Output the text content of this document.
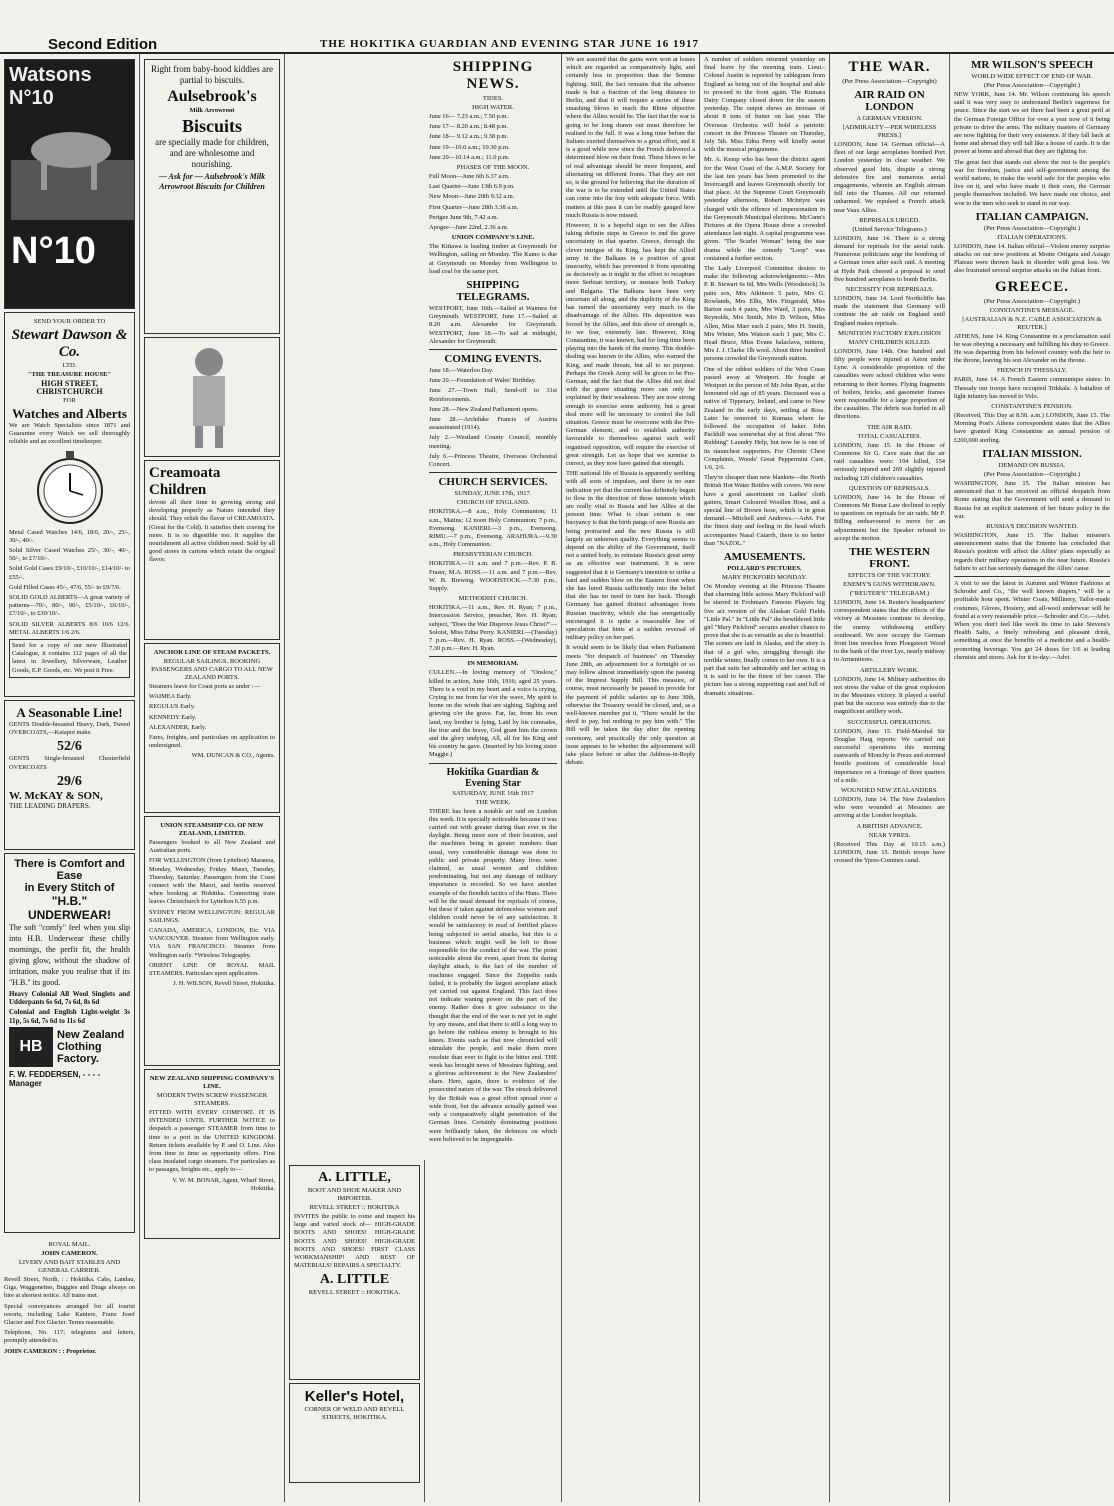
Second Edition	THE HOKITIKA GUARDIAN AND EVENING STAR JUNE 16 1917
Watsons N°10
N°10
SEND YOUR ORDER TO
Stewart Dawson & Co.
LTD.
"THE TREASURE HOUSE"
HIGH STREET, CHRISTCHURCH
FOR
Watches and Alberts

We are Watch Specialists since 1871 and Guarantee every Watch we sell thoroughly reliable and an excellent timekeeper.

Metal Cased Watches 14/6, 18/6, 20/-, 25/-, 30/-, 40/-.

Solid Silver Cased Watches 25/-, 30/-, 40/-, 50/-, to £7/10/-.

Solid Gold Cases £9/10/-, £10/10/-, £14/10/- to £55/-.

Gold Filled Cases 45/-, 47/6, 55/- to £9/7/6.

SOLID GOLD ALBERTS—A great variety of patterns—70/-, 80/-, 90/-, £5/10/-, £6/10/-, £7/10/-, to £30/10/-.

SOLID SILVER ALBERTS 8/6 10/6 12/6. METAL ALBERTS 1/6 2/6.

Send for a copy of our new Illustrated Catalogue, it contains 112 pages of all the latest in Jewellery, Silverware, Leather Goods, E.P. Goods, etc. We post it Free.

A Seasonable Line!

GENTS Double-breasted Heavy, Dark, Tweed OVERCOATS,—Kaiapoi make.

52/6

GENTS Single-breasted Chesterfield OVERCOATS

29/6
W. McKAY & SON,
THE LEADING DRAPERS.
There is Comfort and Ease
in Every Stitch of
"H.B." UNDERWEAR!

The soft "comfy" feel when you slip into H.B. Underwear these chilly mornings, the perfit fit, the health giving glow, without the shadow of irritation, make you realise that if its "H.B." its good.

Heavy Colonial All Wool Singlets and Udderpants 6s 6d, 7s 6d, 8s 6d

Colonial and English Light-weight 3s 11p, 5s 6d, 7s 6d to 11s 6d

HB
New Zealand
Clothing
Factory.
F. W. FEDDERSEN, - - - - Manager
ROYAL MAIL.
JOHN CAMERON.
LIVERY AND BAIT STABLES AND GENERAL CARRIER.

Revell Street, North, : : Hokitika. Cabs, Landau, Gigs, Waggonettes, Buggies and Drags always on hire at shortest notice. All trains met.

Special conveyances arranged for all tourist resorts, including Lake Kaniere, Franz Josef Glacier and Fox Glacier. Terms reasonable.

Telephone, No. 117; telegrams and letters, promptly attended to.

JOHN CAMERON : : Proprietor.

Right from baby-hood kiddies are partial to biscuits.

Aulsebrook's
Milk Arrowroot
Biscuits

are specially made for children, and are wholesome and nourishing.

— Ask for — Aulsebrook's Milk Arrowroot Biscuits for Children

Creamoata Children

devote all their time to growing strong and developing properly as Nature intended they should. They relish the flavor of CREAMOATA. (Great for the Cold). It satisfies their craving for more. It is so digestible too. It supplies the nourishment all active children need. Sold by all good stores in cartons which retain the original flavor.

ANCHOR LINE OF STEAM PACKETS.
REGULAR SAILINGS. BOOKING PASSENGERS AND CARGO TO ALL NEW ZEALAND PORTS.

Steamers leave for Coast ports as under :—

WAIMEA Early.

REGULUS Early.

KENNEDY Early.

ALEXANDER, Early.

Fares, freights, and particulars on application to undersigned.

WM. DUNCAN & CO., Agents.

UNION STEAMSHIP CO. OF NEW ZEALAND, LIMITED.

Passengers booked to all New Zealand and Australian ports.

FOR WELLINGTON (from Lyttelton) Maranoa, Monday, Wednesday, Friday. Maori, Tuesday, Thursday, Saturday. Passengers from the Coast connect with the Maori, and berths reserved when booking at Hokitika. Connecting train leaves Christchurch for Lyttelton 6.55 p.m.

SYDNEY FROM WELLINGTON: REGULAR SAILINGS.

CANADA, AMERICA, LONDON, Etc. VIA VANCOUVER. Steamer from Wellington early. VIA SAN FRANCISCO: Steamer from Wellington early. *Wireless Telegraphy.

ORIENT LINE OF ROYAL MAIL STEAMERS. Particulars upon application.

J. H. WILSON, Revell Street, Hokitika.

NEW ZEALAND SHIPPING COMPANY'S LINE.
MODERN TWIN SCREW PASSENGER STEAMERS.

FITTED WITH EVERY COMFORT. IT IS INTENDED UNTIL FURTHER NOTICE to despatch a passenger STEAMER from time to time to a port in the UNITED KINGDOM. Return tickets available by P. and O. Line. Also from time to time as opportunity offers. First class insulated cargo steamers. For particulars as to passages, freights etc., apply to—

V. W. M. BONAR, Agent, Wharf Street, Hokitika.

A. LITTLE,
BOOT AND SHOE MAKER AND IMPORTER.
REVELL STREET :: HOKITIKA

INVITES the public to come and inspect his large and varied stock of— HIGH-GRADE BOOTS AND SHOES! HIGH-GRADE BOOTS AND SHOES! HIGH-GRADE BOOTS AND SHOES! FIRST CLASS WORKMANSHIP! AND BEST OF MATERIALS! REPAIRS A SPECIALTY.

A. LITTLE
REVELL STREET :: HOKITIKA.
Keller's Hotel,
CORNER OF WELD AND REVELL STREETS, HOKITIKA.
SHIPPING NEWS.
TIDES.
HIGH WATER.

June 16— 7.23 a.m.; 7.50 p.m.

June 17— 8.20 a.m.; 8.48 p.m.

June 18— 9.12 a.m.; 9.38 p.m.

June 19—10.0 a.m.; 10.30 p.m.

June 20—10.14 a.m.; 11.0 p.m.

PHASES OF THE MOON.

Full Moon—June 6th 6.37 a.m.

Last Quarter—June 13th 6.9 p.m.

New Moon—June 20th 9.32 a.m.

First Quarter—June 28th 3.38 a.m.

Perigee June 9th, 7.42 a.m.

Apogee—June 22nd, 2.36 a.m.

UNION COMPANY'S LINE.

The Kittawa is leading timber at Greymouth for Wellington, sailing on Monday. The Kamo is due at Greymouth on Monday from Wellington to load coal for the same port.

SHIPPING TELEGRAMS.

WESTPORT, June 16th.—Sailed at Waimea for Greymouth. WESTPORT, June 17.—Sailed at 8.20 a.m. Alexander for Greymouth. WESTPORT, June 18.—To sail at midnight, Alexander for Greymouth.

COMING EVENTS.

June 18.—Waterloo Day.

June 20.—Foundation of Wales' Birthday.

June 27.—Town Hall, Send-off to 31st Reinforcements.

June 28.—New Zealand Parliament opens.

June 28.—Archduke Francis of Austria assassinated (1914).

July 2.—Westland County Council, monthly meeting.

July 6.—Princess Theatre, Overseas Orchestral Concert.

CHURCH SERVICES.
SUNDAY, JUNE 17th, 1917.
CHURCH OF ENGLAND.

HOKITIKA.—8 a.m., Holy Communion; 11 a.m., Matins; 12 noon Holy Communion; 7 p.m., Evensong. KANIERI.—3 p.m., Evensong. RIMU.—7 p.m., Evensong. ARAHURA.—9.30 a.m., Holy Communion.

PRESBYTERIAN CHURCH.

HOKITIKA.—11 a.m. and 7 p.m.—Rev. P. B. Fraser, M.A. ROSS.—11 a.m. and 7 p.m.—Rev. W. B. Brewing. WOODSTOCK.—7.30 p.m., Supply.

METHODIST CHURCH.

HOKITIKA.—11 a.m., Rev. H. Ryan; 7 p.m., Intercession Service, preacher, Rev. H. Ryan; subject, "Does the War Disprove Jesus Christ?"—Soloist, Miss Edna Perry. KANIERI.—(Tuesday) 7 p.m.—Rev. H. Ryan. ROSS.—(Wednesday), 7.30 p.m.—Rev. H. Ryan.

IN MEMORIAM.

CULLEN.—In loving memory of "Onslow," killed in action, June 16th, 1916; aged 25 years. There is a void in my heart and a voice is crying, Crying to me from far o'er the wave, My spirit is borne on the winds that are sighing, Sighing and grieving o'er the grave. Far, far, from his own land, my brother is lying, Laid by his comrades, the true and the brave, God grant him the crown and the glory undying, All, all for his King and his country he gave. (Inserted by his loving sister Maggie.)

Hokitika Guardian & Evening Star
SATURDAY, JUNE 16th 1917
THE WEEK.

THERE has been a notable air raid on London this week. It is specially noticeable because it was carried out with greater daring than ever in the daylight. Being more sure of their location, and the machines being in greater numbers than usual, very considerable damage was done to public and private property. Many lives were claimed, as usual women and children predominating, but not any damage of military importance is recorded. So we have another example of the fiendish tactics of the Huns. There will be the usual demand for reprisals of course, but these if taken against defenceless women and children could never be of any satisfaction. It would be satisfactory to read of fortified places being subjected to aerial attacks, but this is a business which might well be left to those responsible for the conduct of the war. The point noticeable about the event, apart from its daring daylight attack, is the fact of the number of machines engaged. Since the Zeppelin raids failed, it is probably the largest aeroplane attack yet carried out against England. This fact does not indicate waning power on the part of the enemy. Rather does it give substance to the thought that the end of the war is not yet in sight by any means, and that there is still a long way to go before the ruthless enemy is brought to his knees. Events such as that now chronicled will stimulate the people, and make them more resolute than ever to fight to the bitter end. THE week has brought news of Messines fighting, and a glorious achievement is the New Zealanders' share. Here, again, there is evidence of the prosecuted nature of the war. The struck delivered by the British was a great effort spread over a wide front, but the advance actually gained was only a comparatively slight penetration of the German lines. Certainly dominating positions were brilliantly taken, the defences on which were believed to be impregnable.

We are assured that the gains were won at losses which are regarded as comparatively light, and certainly less in proportion than the Somme fighting. Still, the fact remains that the advance made is but a fraction of the long distance to Berlin, and that it will require a series of these smashing blows to reach the Rhine objective where the Allies would be. The fact that the war is going to be long drawn out must therefore be realised to the full. It was a long time before the Italians exerted themselves to a great effort, and it is a good while now since the French delivered a determined blow on their front. These blows to be of real advantage should be more frequent, and alternating on different fronts. That they are not so, is the ground for believing that the duration of the war is to be extended until the United States can come into the fray with adequate force. With matters at this pass it can be readily gauged how much Russia is now missed.

However, it is a hopeful sign to see the Allies taking definite steps in Greece to end the grave uncertainty in that quarter. Greece, through the clever intrigue of its King, has kept the Allied army in the Balkans in a position of great insecurity, which has prevented it from operating as decisively as it might in the effort to recapture more Serbian territory, or menace both Turkey and Bulgaria. The Balkans have been very uncertain all along, and the duplicity of the King has turned the uncertainty very much to the disadvantage of the Allies. His deposition was forced by the Allies, and this show of strength is, to we fear, extremely late. However, King Constantine, it was known, had for long time been playing into the hands of the enemy. This double-dealing was known to the Allies, who warned the King, and made threats, but all to no purpose. Perhaps the Greek Army will be given to be Pro-German, and the fact that the Allies did not deal with the grave situating more can only be explained by their weakness. They are now strong enough to exercise some authority, but a great deal more will be necessary to control the full situation. Greece must be overcome with the Pro-German element, and to establish authority favourable to themselves against such well organised opposition, will require the exercise of great strength. Let us hope that we surmise is correct, as they now have gained that strength.

THE national life of Russia is apparently seething with all sorts of impulses, and there is no sure indication yet that the current has definitely begun to flow in the direction of those interests which are really vital to Russia and her Allies at the present time. What is clear certain is one buoyancy is that the birth pangs of new Russia are being protracted and the new Russia is still largely an unknown quality. Everything seems to depend on the ability of the Government, itself not a united body, to reinstate Russia's great army as an effective war instrument. It is now suggested that it is Germany's intention to strike a hard and sudden blow on the Eastern front when she has lured Russia sufficiently into the belief that she has no need to turn her back. Though Germany has gained distinct advantages from Russian inactivity, which she has energetically encouraged it is quite a reasonable line of speculation that hints at a sudden reversal of military policy on her part.

It would seem to be likely that when Parliament meets "for despatch of business" on Thursday June 28th, an adjournment for a fortnight or so may follow almost immediately upon the passing of the Imprest Supply Bill. This measure, of course, must necessarily be passed to provide for the payment of public salaries up to June 30th, otherwise the Treasury would be closed, and, as a well-known member put it, "There would be the devil to pay, but nothing to pay him with." The Bill will be taken the day after the opening ceremony, and practically the only question at issue appears to be whether the adjournment will take place before or after the Address-in-Reply debate.

A number of soldiers returned yesterday on final leave by the morning train. Lieut.-Colonel Austin is reported by cablegram from England as being out of the hospital and able to proceed to the front again. The Kumara Dairy Company closed down for the season yesterday. The output shows an increase of about 8 tons of butter on last year. The Overseas Orchestra will hold a patriotic concert in the Princess Theatre on Thursday, July 5th. Miss Edna Perry will kindly assist with the musical programme.

Mr. A. Kemp who has been the district agent for the West Coast of the A.M.P. Society for the last ten years has been promoted to the Invercargill and leaves Greymouth shortly for that place. At the Supreme Court Greymouth yesterday afternoon, Robert McIntyre was charged with the offence of impersonation in the Greymouth Municipal elections. McCann's Pictures at the Opera House drew a crowded attendance last night. A capital programme was given. "The Scarlet Woman" being the star drama while the comedy "Loop" was contained a further section.

The Lady Liverpool Committee desires to make the following acknowledgments:—Mrs P. R. Stewart 6s 6d, Mrs Wells (Woodstock) 3s pairs sox, Mrs Atkinson 5 pairs, Mrs G. Rowlands, Mrs Ellis, Mrs Fitzgerald, Miss Barton each 4 pairs, Mrs Ward, 3 pairs, Mrs Reynolds, Mrs Smith, Mrs D. Wilson, Miss Allen, Miss Marr each 2 pairs, Mrs H. Smith, Mrs Winter, Mrs Watson each 1 pair, Mrs C. Head Bruce, Miss Evans balaclava, mittens, Mrs J. J. Clarke 1lb wool. About three hundred persons crowded the Greymouth station.

One of the oddest soldiers of the West Coast passed away at Westport. He fought at Westport in the person of Mr John Ryan, at the honoured old age of 85 years. Deceased was a native of Tipperary, Ireland, and came to New Zealand in the early days, settling at Ross. Later he removed to Kumara where he followed the occupation of baker. John Packhill was somewhat shy at first about "No Rubbing" Laundry Help, but now he is one of its staunchest supporters. For Chronic Chest Complaints, Woods' Great Peppermint Cure, 1/6, 2/6.

They're cheaper than new blankets—the North British Hot Water Bottles with covers. We now have a good assortment on Ladies' cloth gaiters, Smart Coloured Woollen Hose, and a special line of Brown hose, which is in great demand.—Mitchell and Andrews.—Advt. For the finest duty and feeling in the head which accompanies Nasal Catarrh, there is no better than "NAZOL."

AMUSEMENTS.
POLLARD'S PICTURES.
MARY PICKFORD MONDAY.

On Monday evening at the Princess Theatre that charming little actress Mary Pickford will be starred in Frohman's Famous Players big five act version of the Alaskan Gold Fields "Little Pal." In "Little Pal" the bewildered little girl "Mary Pickford" secures another chance to prove that she is as versatile as she is beautiful. The scenes are laid in Alaska, and the story is that of a girl who, struggling through the terrible winter, finally comes to her own. It is a part that suits her admirably and her acting in it is said to be the finest of her career. The picture has a strong supporting cast and full of dramatic situations.

THE WAR.
(Per Press Association—Copyright)
AIR RAID ON LONDON
A GERMAN VERSION.
[ADMIRALTY—PER WIRELESS PRESS.]

LONDON, June 14. German official—A fleet of our large aeroplanes bombed Port London yesterday in clear weather. We observed good hits, despite a strong defensive fire and numerous aerial engagements, wherein an English airman fell into the Thames. All our returned unharmed. We repulsed a French attack near Vaux Allies.

REPRISALS URGED.
(United Service Telegrams.)

LONDON, June 14. There is a strong demand for reprisals for the aerial raids. Numerous politicians urge the bombing of a German town after each raid. A meeting at Hyde Park cheered a proposal to send five hundred aeroplanes to bomb Berlin.

NECESSITY FOR REPRISALS.

LONDON, June 14. Lord Northcliffe has made the statement that Germany will continue the air raids on England until England makes reprisals.

MUNITION FACTORY EXPLOSION
MANY CHILDREN KILLED.

LONDON, June 14th. One hundred and fifty people were injured at Aston under Lyne. A considerable proportion of the casualties were school children who were returning to their homes. Flying fragments of boilers, bricks, and gasometer frames were responsible for a large proportion of the casualties. The debris was hurled in all directions.

THE AIR RAID.
TOTAL CASUALTIES.

LONDON, June 15. In the House of Commons Sir G. Cave state that the air raid casualties were: 104 killed, 154 seriously injured and 269 slightly injured including 120 children's casualties.

QUESTION OF REPRISALS.

LONDON, June 14. In the House of Commons Mr Bonar Law declined to reply to questions on reprisals for air raids. Mr P. Billing endeavoured to move for an adjournment but the Speaker refused to accept the motion.

THE WESTERN FRONT.
EFFECTS OF THE VICTORY.
ENEMY'S GUNS WITHDRAWN.
("REUTER'S" TELEGRAM.)

LONDON, June 14. Reuter's headquarters' correspondent states that the effects of the victory at Messines continue to develop, the enemy withdrawing artillery southward. We now occupy the German front line trenches from Ploegsteert Wood to the bank of the river Lys, nearly midway to Armentieres.

ARTILLERY WORK.

LONDON, June 14. Military authorities do not stress the value of the great explosion in the Messines victory. It played a useful part but the success was entirely due to the magnificent artillery work.

SUCCESSFUL OPERATIONS.

LONDON, June 15. Field-Marshal Sir Douglas Haig reports: We carried out successful operations this morning eastwards of Monchy le Preux and stormed hostile positions of considerable local importance on a frontage of three quarters of a mile.

WOUNDED NEW ZEALANDERS.

LONDON, June 14. The New Zealanders who were wounded at Messines are arriving at the London hospitals.

A BRITISH ADVANCE.
NEAR YPRES.

(Received This Day at 10.15 a.m.) LONDON, June 15. British troops have crossed the Ypres-Comines canal.

MR WILSON'S SPEECH
WORLD WIDE EFFECT OF END OF WAR.
(Per Press Association—Copyright.)

NEW YORK, June 14. Mr. Wilson continuing his speech said it was very easy to understand Berlin's eagerness for peace. Since the start we set there had been a great peril at the German Foreign Office for over a year now of it being private to drive the arms. The military masters of Germany are now fighting for their very existence. If they fall back at home and abroad they will fall like a house of cards. It is the power at home and abroad that they are fighting for.

The great fact that stands out above the rest is the people's war for freedom, justice and self-government among the world nations, to make the world safe for the peoples who live on it, and who have made it their own, the German people themselves included. We have made our choice, and woe to the men who seek to stand in our way.

ITALIAN CAMPAIGN.
(Per Press Association—Copyright.)
ITALIAN OPERATIONS.

LONDON, June 14. Italian official—Violent enemy surprise attacks on our new positions at Monte Ortigara and Asiago Plateau were thrown back in disorder with great loss. We also frustrated several surprise attacks on the Julian front.

GREECE.
(Per Press Association—Copyright.)
CONSTANTINE'S MESSAGE.
[AUSTRALIAN & N.Z. CABLE ASSOCIATION & REUTER.]

ATHENS, June 14. King Constantine in a proclamation said he was obeying a necessary and fulfilling his duty to Greece. He was departing from his beloved country with the heir to the throne, leaving his son Alexander on the throne.

FRENCH IN THESSALY.

PARIS, June 14. A French Eastern communique states: In Thessaly our troops have occupied Trikkala. A battalion of light infantry has moved to Volo.

CONSTANTINE'S PENSION.

(Received, This Day at 8.50. a.m.) LONDON, June 15. The Morning Post's Athens correspondent states that the Allies have granted King Constantine an annual pension of £200,000 sterling.

ITALIAN MISSION.
DEMAND ON RUSSIA.
(Per Press Association—Copyright.)

WASHINGTON, June 15. The Italian mission has announced that it has received an official despatch from Rome stating that the Government will send a demand to Russia for an explicit statement of her future policy in the war.

RUSSIA'S DECISION WANTED.

WASHINGTON, June 15. The Italian mission's announcement states that the Entente has concluded that Russia's position will affect the Allies' plans especially as regards their military operations in the near future. Russia's failure to act has seriously damaged the Allies' cause.

A visit to see the latest in Autumn and Winter Fashions at Schroder and Co., "the well known drapers," will be a profitable hour spent. Winter Coats, Millinery, Tailor-made costumes, Gloves, Hosiery, and all-wool underwear will be found at a very reasonable price.—Schroder and Co.—Advt. When you don't feel like work its time to take Stevens's Health Salts, a finely refreshing and pleasant drink, something at once the benefits of a medicine and a health-promoting beverage. You get 24 doses for 1/6 at leading chemists and stores. Ask for it to-day.—Advt.
